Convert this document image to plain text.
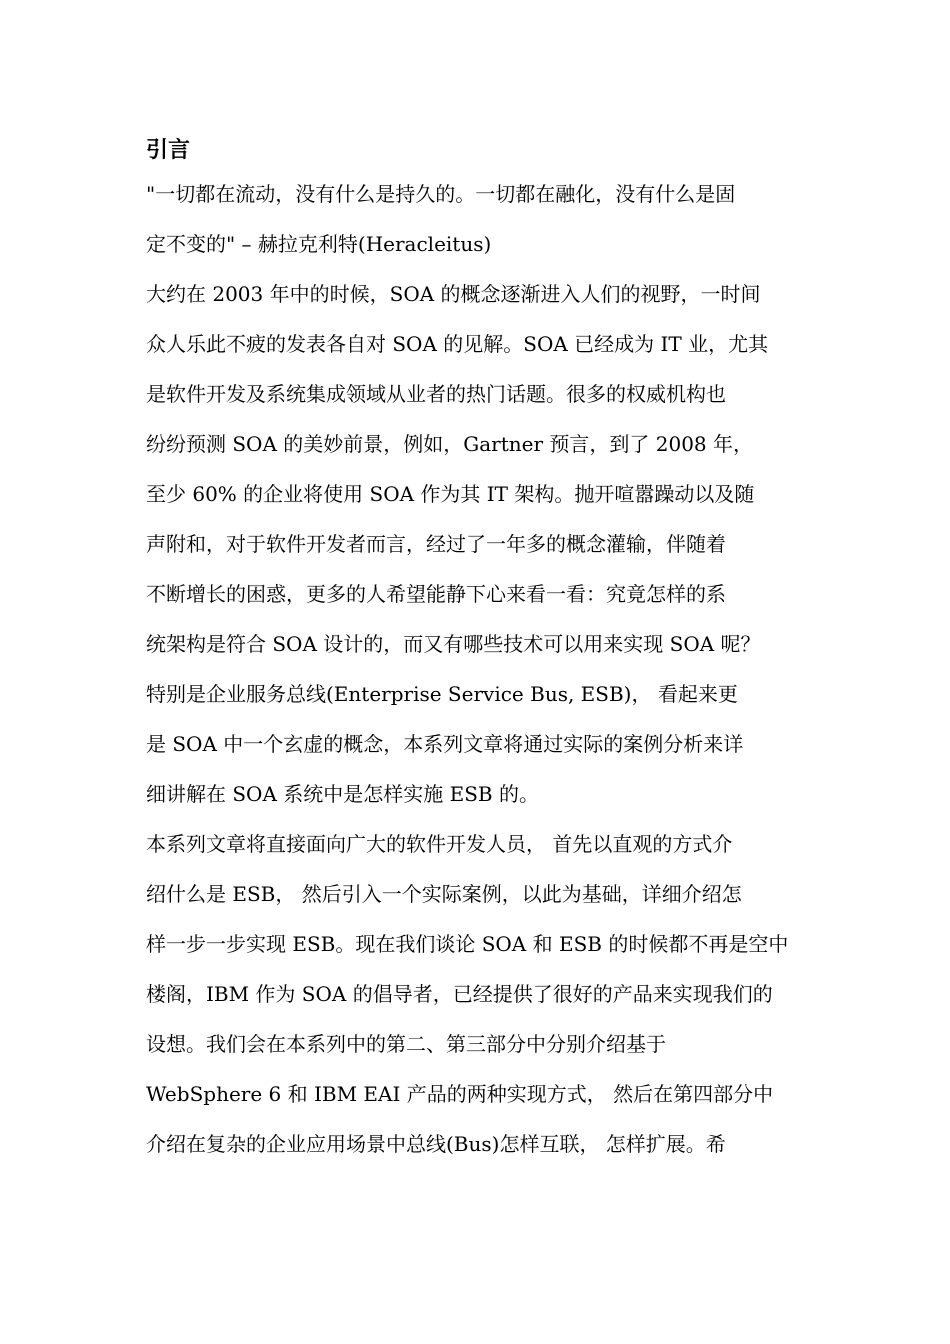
引言

"一切都在流动，没有什么是持久的。一切都在融化，没有什么是固

定不变的" – 赫拉克利特(Heracleitus)

大约在 2003 年中的时候，SOA 的概念逐渐进入人们的视野，一时间

众人乐此不疲的发表各自对 SOA 的见解。SOA 已经成为 IT 业，尤其

是软件开发及系统集成领域从业者的热门话题。很多的权威机构也

纷纷预测 SOA 的美妙前景，例如，Gartner 预言，到了 2008 年，

至少 60% 的企业将使用 SOA 作为其 IT 架构。抛开喧嚣躁动以及随

声附和，对于软件开发者而言，经过了一年多的概念灌输，伴随着

不断增长的困惑，更多的人希望能静下心来看一看：究竟怎样的系

统架构是符合 SOA 设计的，而又有哪些技术可以用来实现 SOA 呢？

特别是企业服务总线(Enterprise Service Bus, ESB)， 看起来更

是 SOA 中一个玄虚的概念，本系列文章将通过实际的案例分析来详

细讲解在 SOA 系统中是怎样实施 ESB 的。

本系列文章将直接面向广大的软件开发人员， 首先以直观的方式介

绍什么是 ESB， 然后引入一个实际案例，以此为基础，详细介绍怎

样一步一步实现 ESB。现在我们谈论 SOA 和 ESB 的时候都不再是空中

楼阁，IBM 作为 SOA 的倡导者，已经提供了很好的产品来实现我们的

设想。我们会在本系列中的第二、第三部分中分别介绍基于

WebSphere 6 和 IBM EAI 产品的两种实现方式， 然后在第四部分中

介绍在复杂的企业应用场景中总线(Bus)怎样互联， 怎样扩展。希
